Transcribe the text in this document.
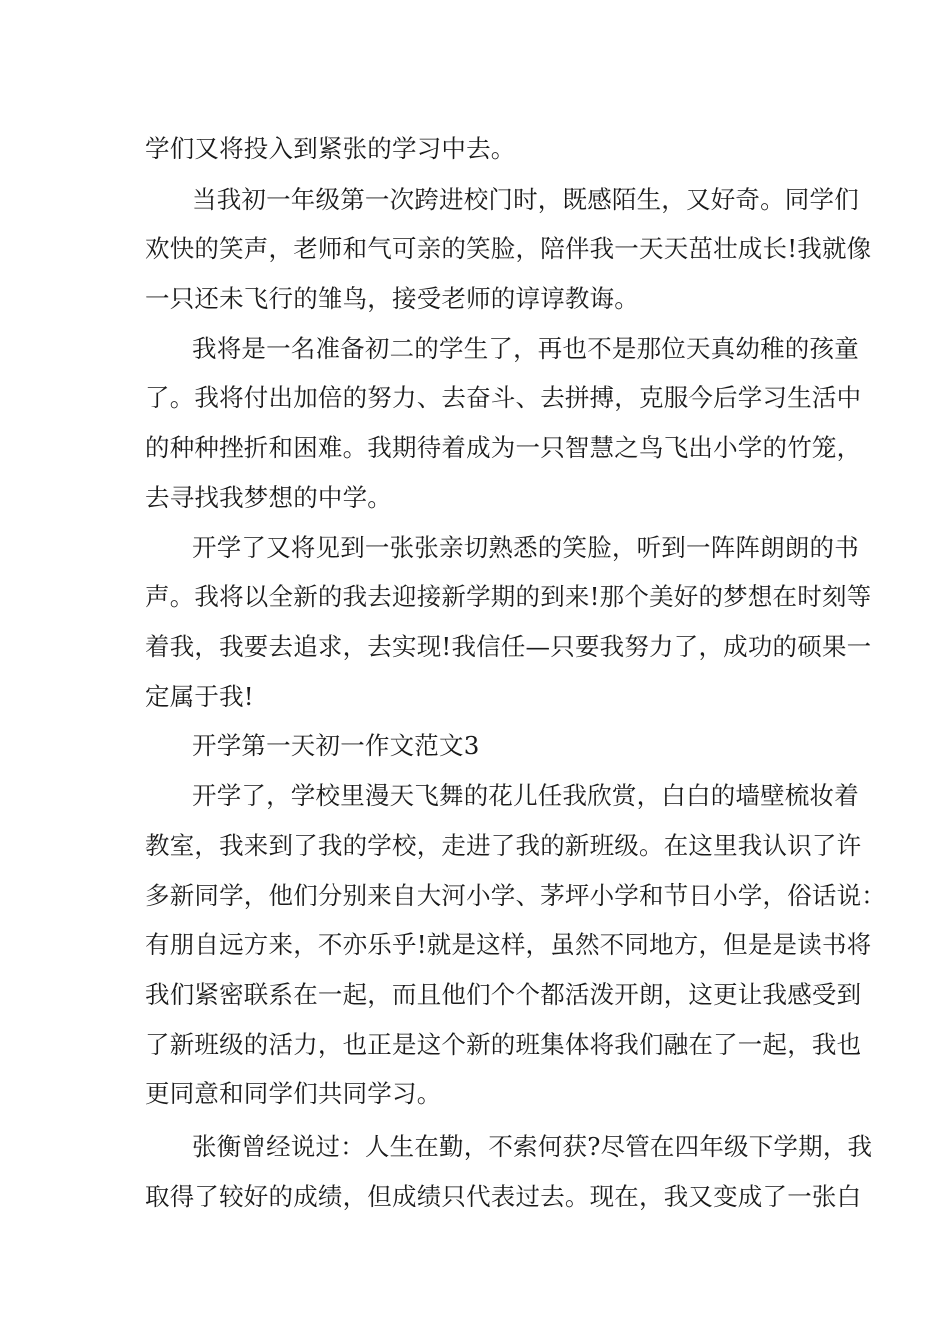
学们又将投入到紧张的学习中去。
当我初一年级第一次跨进校门时，既感陌生，又好奇。同学们
欢快的笑声，老师和气可亲的笑脸，陪伴我一天天茁壮成长!我就像
一只还未飞行的雏鸟，接受老师的谆谆教诲。
我将是一名准备初二的学生了，再也不是那位天真幼稚的孩童
了。我将付出加倍的努力、去奋斗、去拼搏，克服今后学习生活中
的种种挫折和困难。我期待着成为一只智慧之鸟飞出小学的竹笼，
去寻找我梦想的中学。
开学了又将见到一张张亲切熟悉的笑脸，听到一阵阵朗朗的书
声。我将以全新的我去迎接新学期的到来!那个美好的梦想在时刻等
着我，我要去追求，去实现!我信任—只要我努力了，成功的硕果一
定属于我!
开学第一天初一作文范文3
开学了，学校里漫天飞舞的花儿任我欣赏，白白的墙壁梳妆着
教室，我来到了我的学校，走进了我的新班级。在这里我认识了许
多新同学，他们分别来自大河小学、茅坪小学和节日小学，俗话说：
有朋自远方来，不亦乐乎!就是这样，虽然不同地方，但是是读书将
我们紧密联系在一起，而且他们个个都活泼开朗，这更让我感受到
了新班级的活力，也正是这个新的班集体将我们融在了一起，我也
更同意和同学们共同学习。
张衡曾经说过：人生在勤，不索何获?尽管在四年级下学期，我
取得了较好的成绩，但成绩只代表过去。现在，我又变成了一张白
